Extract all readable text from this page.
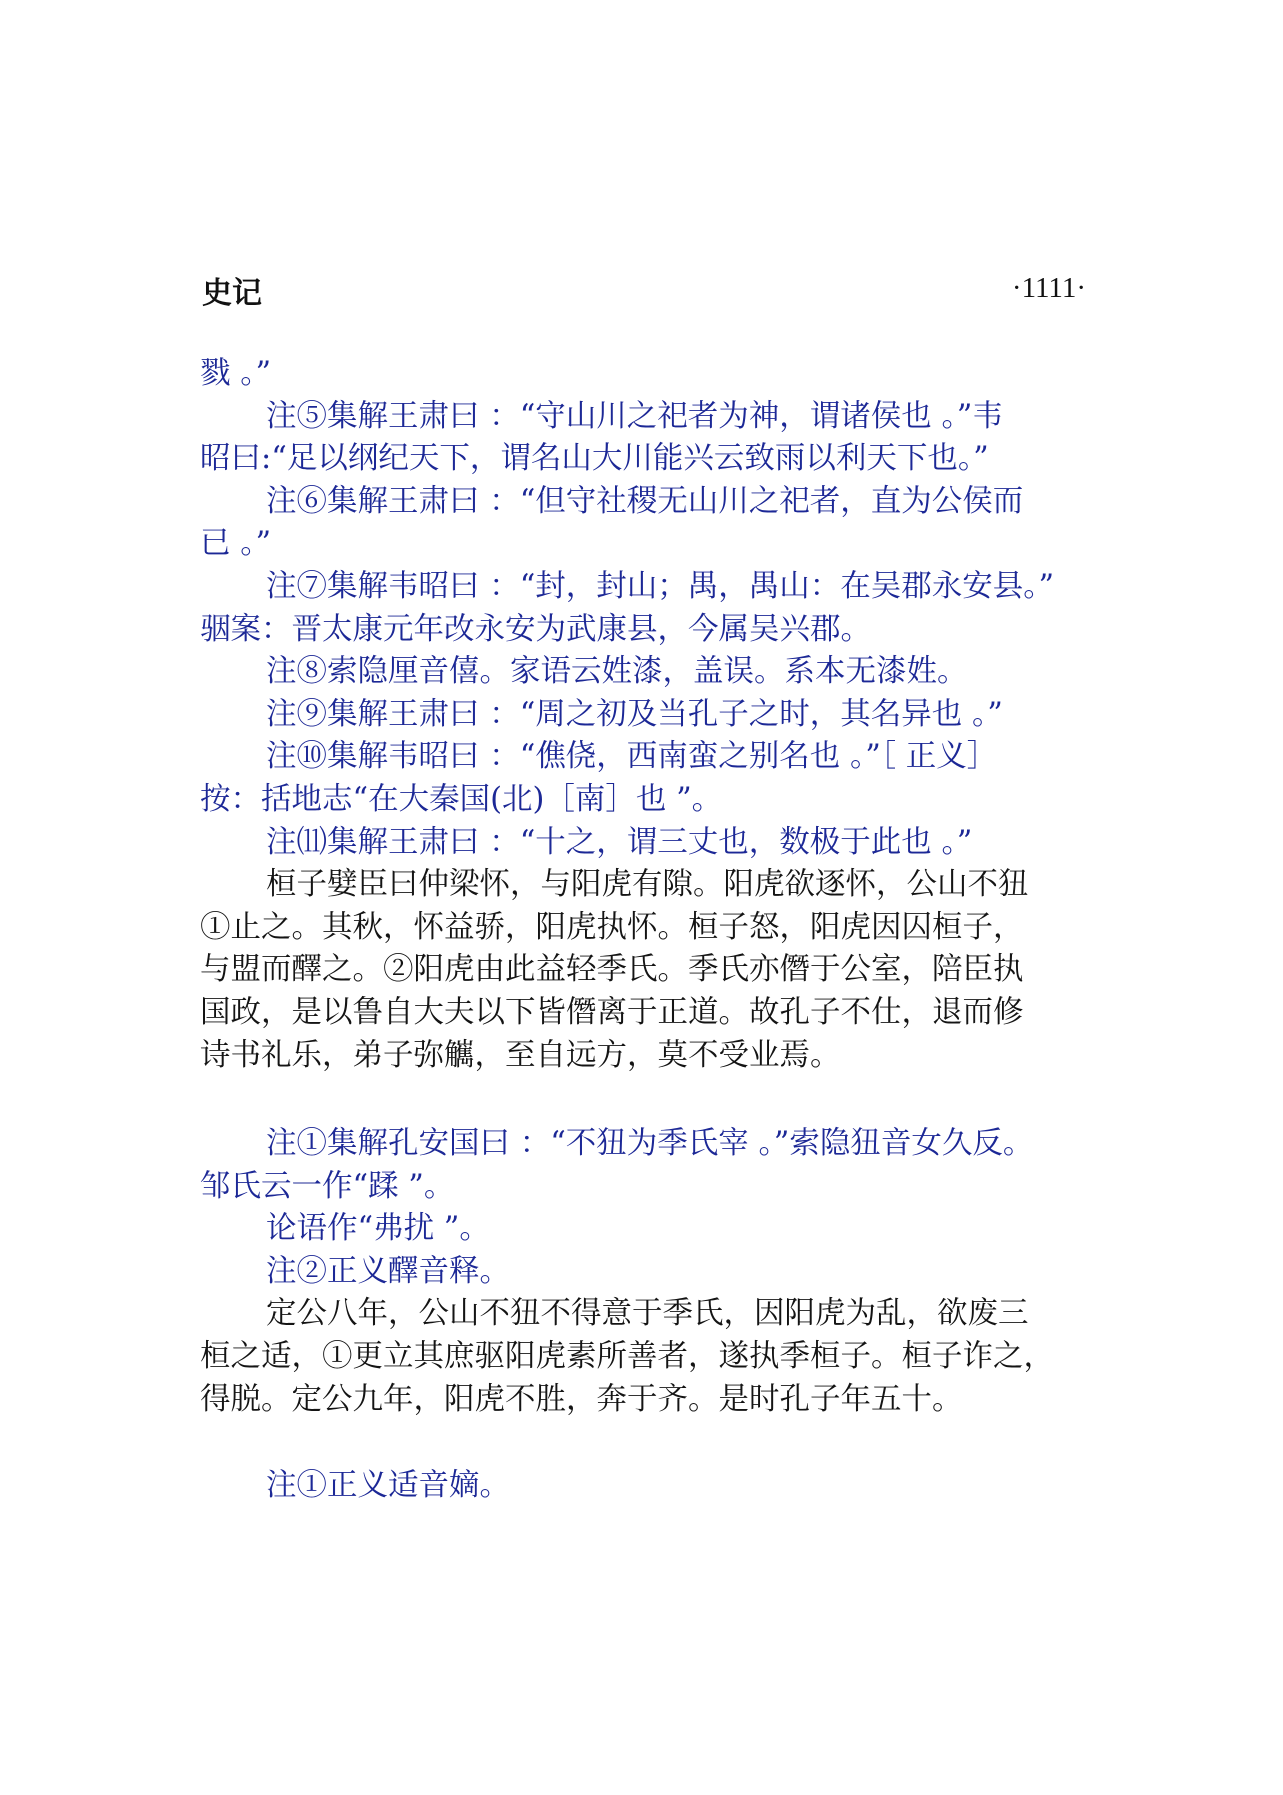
史记	·1111·

戮 。”

注⑤集解王肃曰 ：“守山川之祀者为神，谓诸侯也 。”韦

昭曰:“足以纲纪天下，谓名山大川能兴云致雨以利天下也。”

注⑥集解王肃曰 ：“但守社稷无山川之祀者，直为公侯而

已 。”

注⑦集解韦昭曰 ：“封，封山；禺，禺山：在吴郡永安县。”

骃案：晋太康元年改永安为武康县，今属吴兴郡。

注⑧索隐厘音僖。家语云姓漆，盖误。系本无漆姓。

注⑨集解王肃曰 ：“周之初及当孔子之时，其名异也 。”

注⑩集解韦昭曰 ：“僬侥，西南蛮之别名也 。”［ 正义］

按：括地志“在大秦国(北)［南］也 ”。

注⑾集解王肃曰 ：“十之，谓三丈也，数极于此也 。”

桓子嬖臣曰仲梁怀，与阳虎有隙。阳虎欲逐怀，公山不狃

①止之。其秋，怀益骄，阳虎执怀。桓子怒，阳虎因囚桓子，

与盟而醳之。②阳虎由此益轻季氏。季氏亦僭于公室，陪臣执

国政，是以鲁自大夫以下皆僭离于正道。故孔子不仕，退而修

诗书礼乐，弟子弥觽，至自远方，莫不受业焉。

注①集解孔安国曰 ：“不狃为季氏宰 。”索隐狃音女久反。

邹氏云一作“蹂 ”。

论语作“弗扰 ”。

注②正义醳音释。

定公八年，公山不狃不得意于季氏，因阳虎为乱，欲废三

桓之适，①更立其庶驱阳虎素所善者，遂执季桓子。桓子诈之，

得脱。定公九年，阳虎不胜，奔于齐。是时孔子年五十。

注①正义适音嫡。
